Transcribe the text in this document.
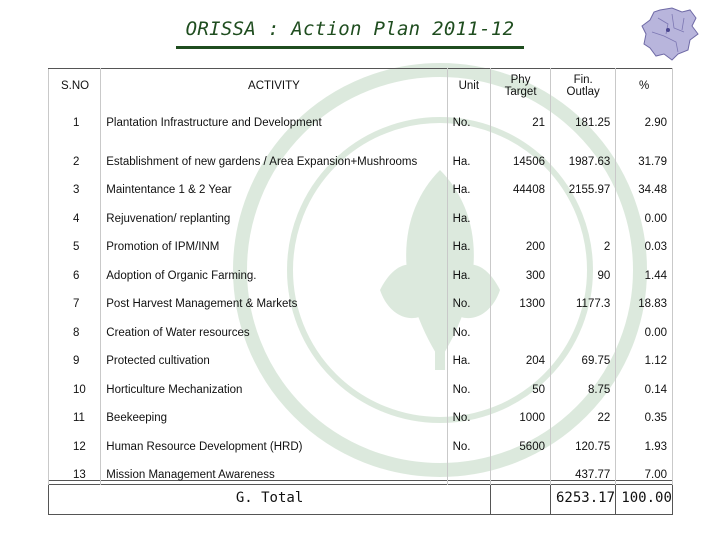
ORISSA : Action Plan 2011-12
S.NO	ACTIVITY	Unit	Phy Target	Fin. Outlay	%
1	Plantation Infrastructure and Development	No.	21	181.25	2.90
2	Establishment of new gardens / Area Expansion+Mushrooms	Ha.	14506	1987.63	31.79
3	Maintentance 1 & 2 Year	Ha.	44408	2155.97	34.48
4	Rejuvenation/ replanting	Ha.			0.00
5	Promotion of IPM/INM	Ha.	200	2	0.03
6	Adoption of Organic Farming.	Ha.	300	90	1.44
7	Post Harvest Management & Markets	No.	1300	1177.3	18.83
8	Creation of Water resources	No.			0.00
9	Protected cultivation	Ha.	204	69.75	1.12
10	Horticulture Mechanization	No.	50	8.75	0.14
11	Beekeeping	No.	1000	22	0.35
12	Human Resource Development (HRD)	No.	5600	120.75	1.93
13	Mission Management Awareness			437.77	7.00
G. Total				6253.17	100.00
